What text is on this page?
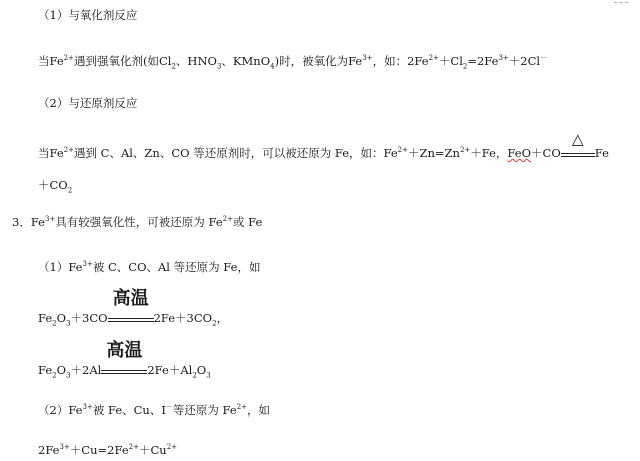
（1）与氧化剂反应
当$Fe^{2+}$遇到强氧化剂(如$Cl_2$、$HNO_3$、KMnO$_4$)时，被氧化为$Fe^{3+}$，如：$2Fe^{2+}+Cl_2=2Fe^{3+}+2Cl^-$
（2）与还原剂反应
当$Fe^{2+}$遇到 C、Al、Zn、CO 等还原剂时，可以被还原为 Fe，如：$Fe^{2+}+Zn=Zn^{2+}+Fe$，FeO＋CO
△
Fe
$+CO_2$
3．$Fe^{3+}$具有较强氧化性，可被还原为 $Fe^{2+}$或 Fe
$(1)Fe^{3+}$被 C、CO、Al 等还原为 Fe，如
$Fe_2O_3+3CO$
高温
$2Fe+3CO_2$，
$Fe_2O_3+2Al$
高温
$2Fe+Al_2O_3$
$(2)Fe^{3+}$被 Fe、Cu、I－等还原为 $Fe^{2+}$，如
$2Fe^{3+}+Cu=2Fe^{2+}+Cu^{2+}$
